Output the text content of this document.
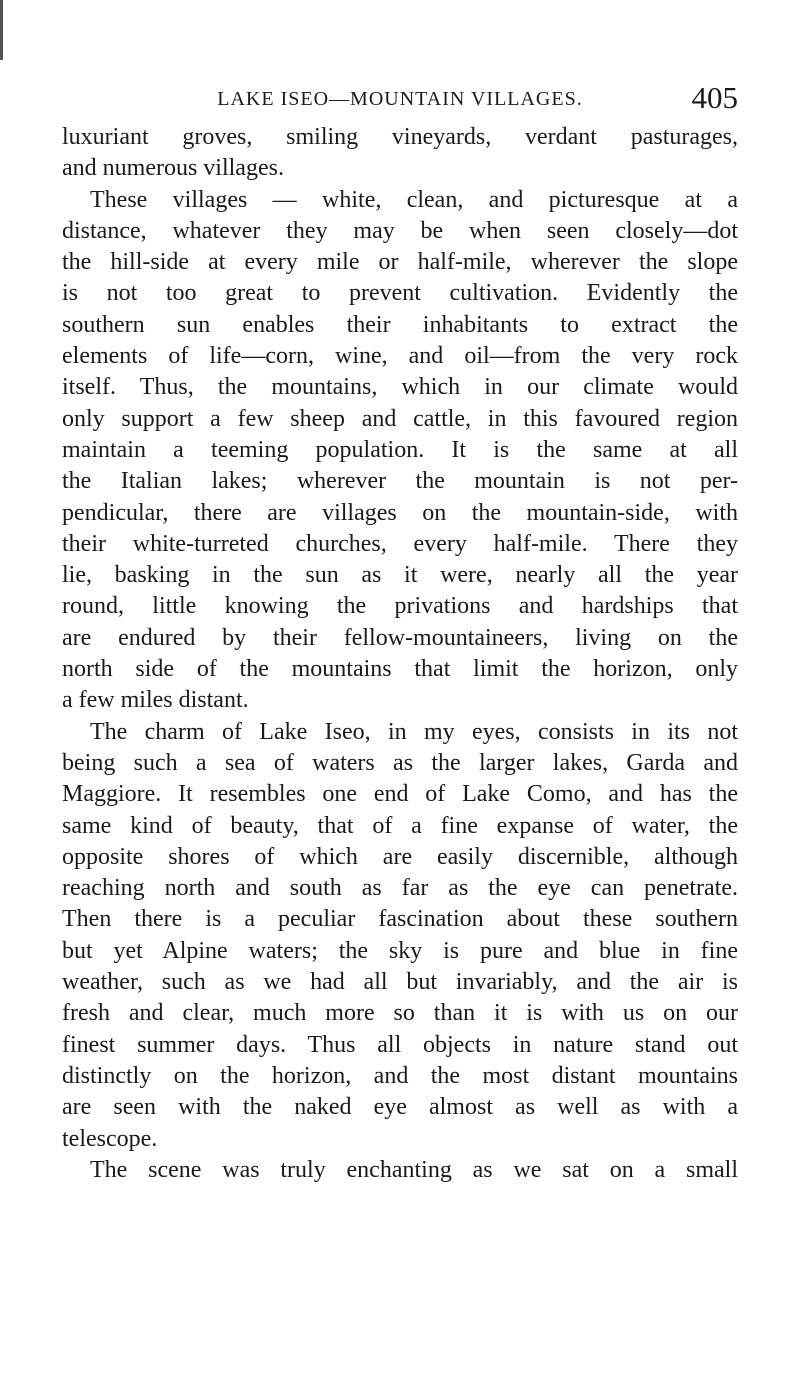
LAKE ISEO—MOUNTAIN VILLAGES.	405
luxuriant groves, smiling vineyards, verdant pasturages,
and numerous villages.
These villages — white, clean, and picturesque at a
distance, whatever they may be when seen closely—dot
the hill-side at every mile or half-mile, wherever the slope
is not too great to prevent cultivation. Evidently the
southern sun enables their inhabitants to extract the
elements of life—corn, wine, and oil—from the very rock
itself. Thus, the mountains, which in our climate would
only support a few sheep and cattle, in this favoured region
maintain a teeming population. It is the same at all
the Italian lakes; wherever the mountain is not per-
pendicular, there are villages on the mountain-side, with
their white-turreted churches, every half-mile. There they
lie, basking in the sun as it were, nearly all the year
round, little knowing the privations and hardships that
are endured by their fellow-mountaineers, living on the
north side of the mountains that limit the horizon, only
a few miles distant.
The charm of Lake Iseo, in my eyes, consists in its not
being such a sea of waters as the larger lakes, Garda and
Maggiore. It resembles one end of Lake Como, and has the
same kind of beauty, that of a fine expanse of water, the
opposite shores of which are easily discernible, although
reaching north and south as far as the eye can penetrate.
Then there is a peculiar fascination about these southern
but yet Alpine waters; the sky is pure and blue in fine
weather, such as we had all but invariably, and the air is
fresh and clear, much more so than it is with us on our
finest summer days. Thus all objects in nature stand out
distinctly on the horizon, and the most distant mountains
are seen with the naked eye almost as well as with a
telescope.
The scene was truly enchanting as we sat on a small
